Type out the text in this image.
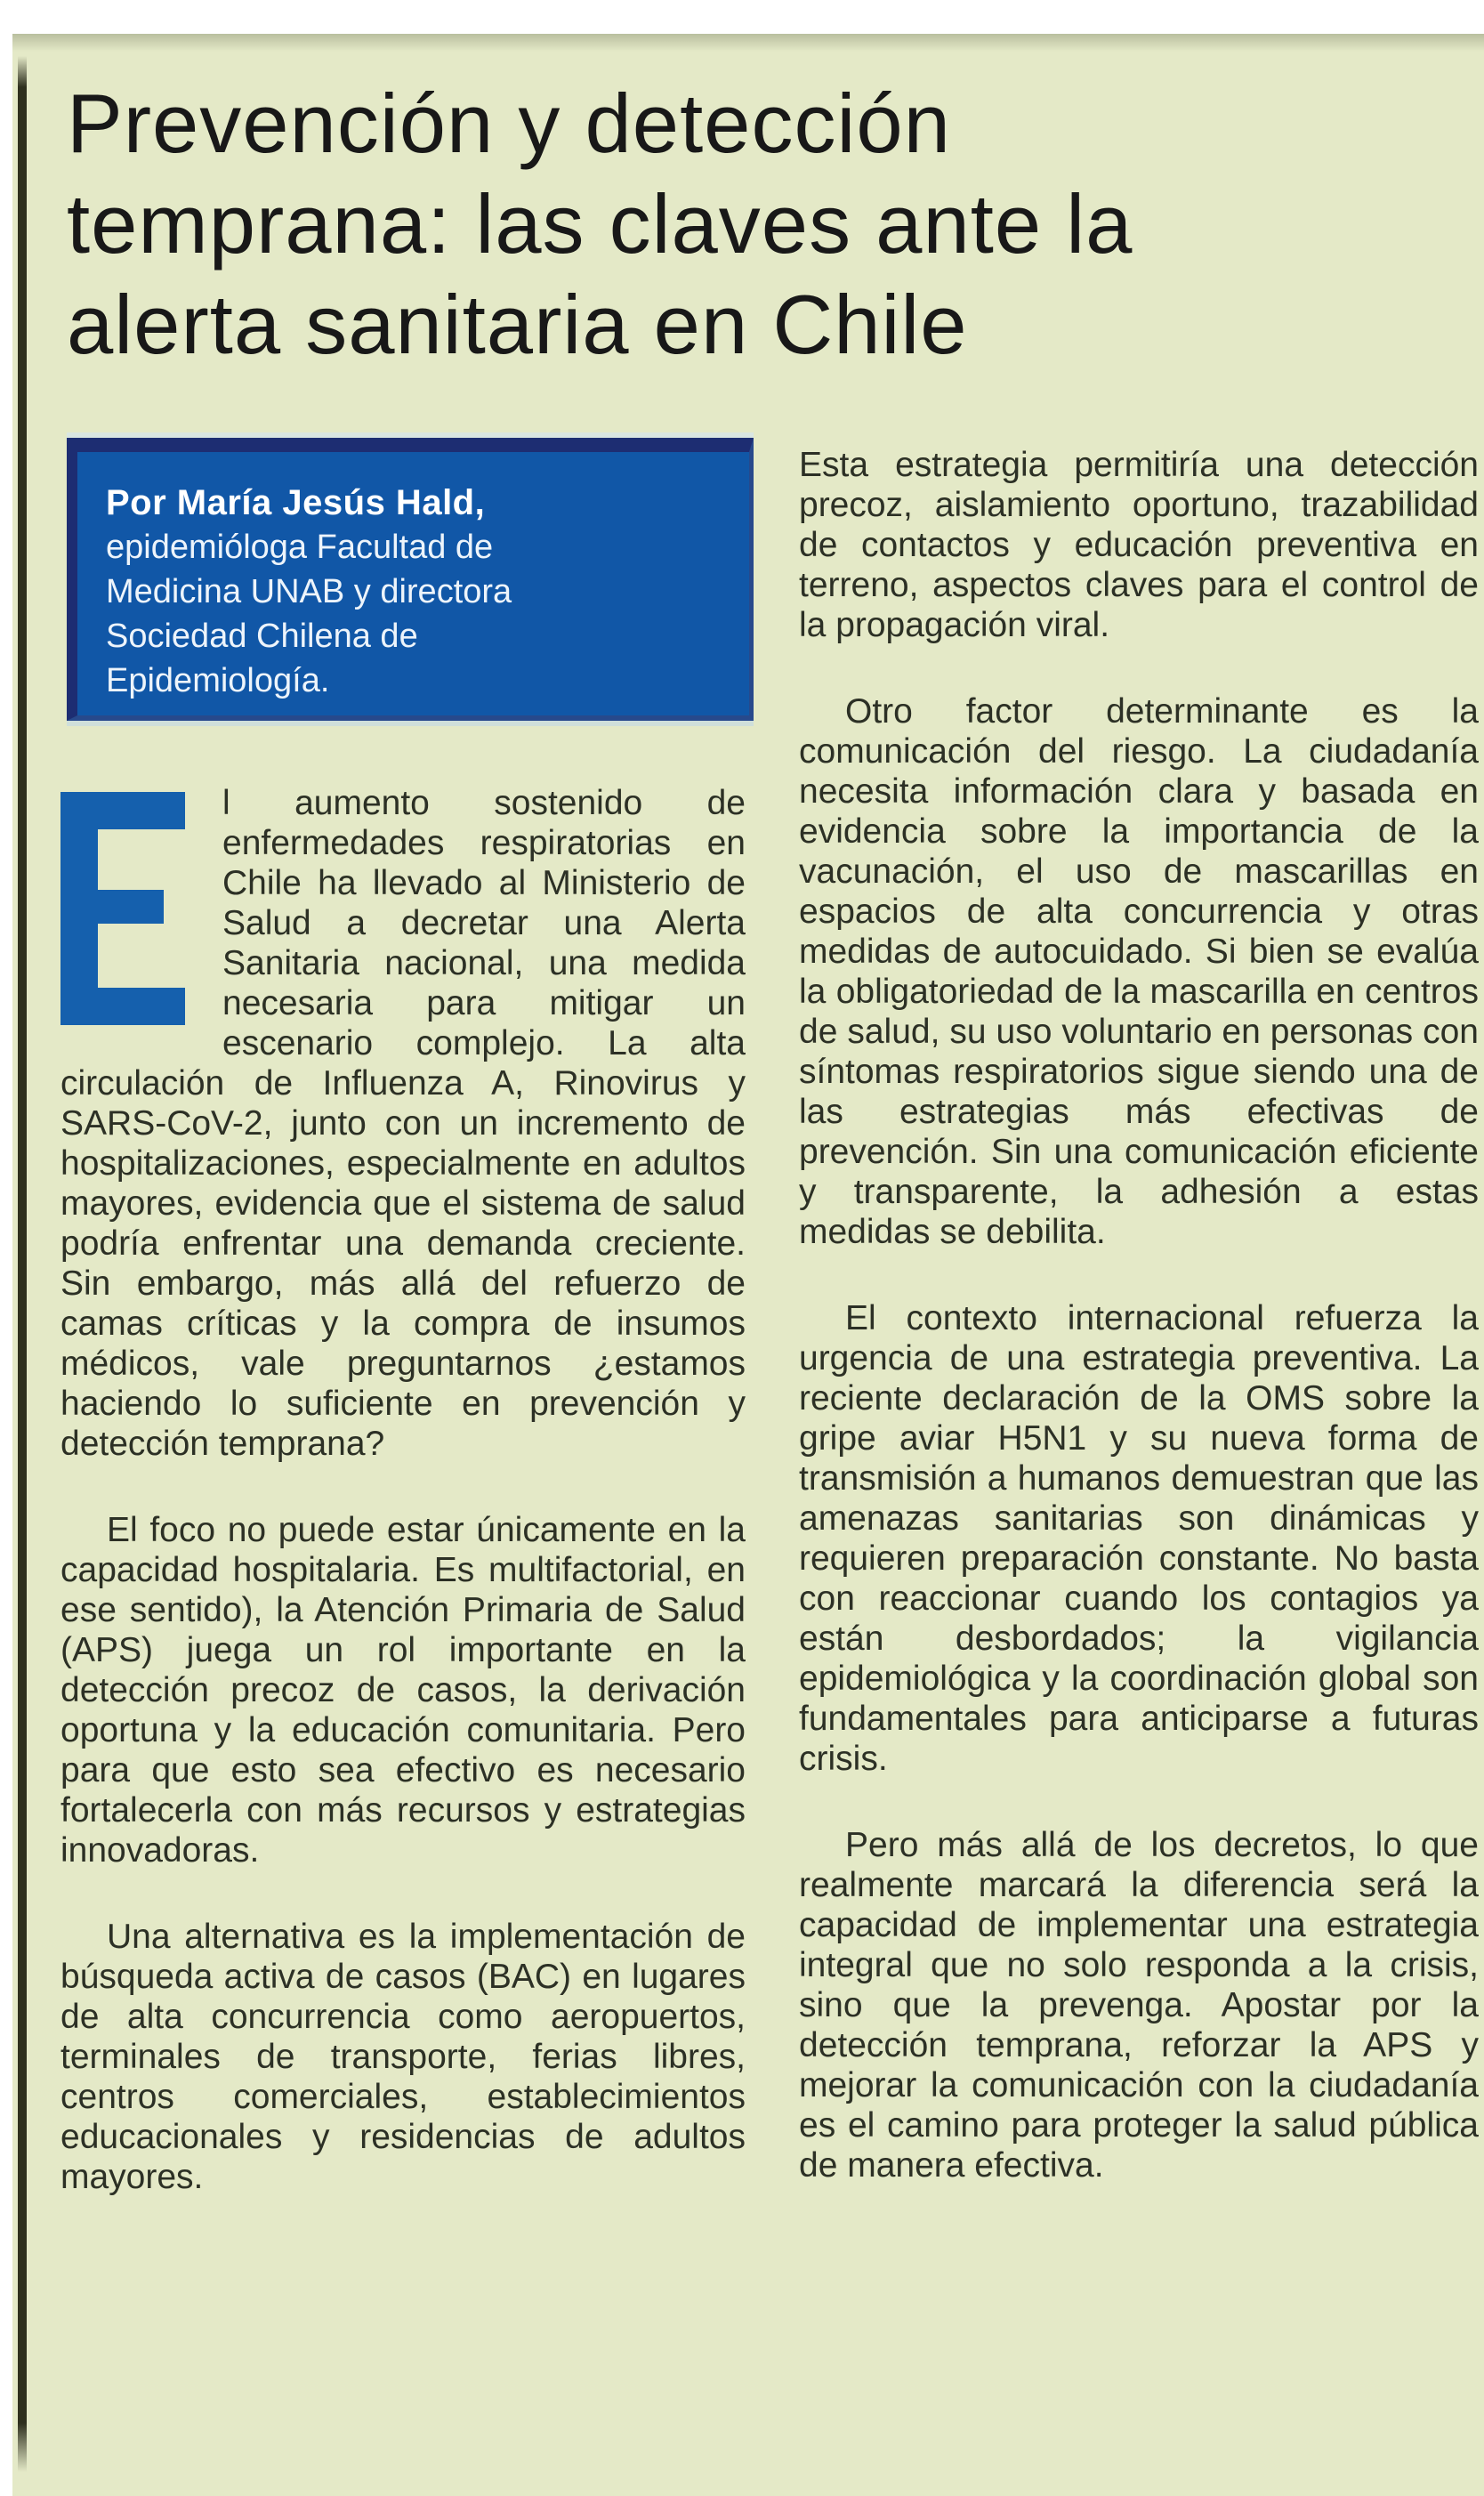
Prevención y detección
temprana: las claves ante la
alerta sanitaria en Chile

Por María Jesús Hald,

epidemióloga Facultad de Medicina UNAB y directora Sociedad Chilena de Epidemiología.

l aumento sostenido de enfermedades respiratorias en Chile ha llevado al Ministerio de Salud a decretar una Alerta Sanitaria nacional, una medida necesaria para mitigar un escenario complejo. La alta circulación de Influenza A, Rinovirus y SARS-CoV-2, junto con un incremento de hospitalizaciones, especialmente en adultos mayores, evidencia que el sistema de salud podría enfrentar una demanda creciente. Sin embargo, más allá del refuerzo de camas críticas y la compra de insumos médicos, vale preguntarnos ¿estamos haciendo lo suficiente en prevención y detección temprana?

El foco no puede estar únicamente en la capacidad hospitalaria. Es multifactorial, en ese sentido), la Atención Primaria de Salud (APS) juega un rol importante en la detección precoz de casos, la derivación oportuna y la educación comunitaria. Pero para que esto sea efectivo es necesario fortalecerla con más recursos y estrategias innovadoras.

Una alternativa es la implementación de búsqueda activa de casos (BAC) en lugares de alta concurrencia como aeropuertos, terminales de transporte, ferias libres, centros comerciales, establecimientos educacionales y residencias de adultos mayores.

Esta estrategia permitiría una detección precoz, aislamiento oportuno, trazabilidad de contactos y educación preventiva en terreno, aspectos claves para el control de la propagación viral.

Otro factor determinante es la comunicación del riesgo. La ciudadanía necesita información clara y basada en evidencia sobre la importancia de la vacunación, el uso de mascarillas en espacios de alta concurrencia y otras medidas de autocuidado. Si bien se evalúa la obligatoriedad de la mascarilla en centros de salud, su uso voluntario en personas con síntomas respiratorios sigue siendo una de las estrategias más efectivas de prevención. Sin una comunicación eficiente y transparente, la adhesión a estas medidas se debilita.

El contexto internacional refuerza la urgencia de una estrategia preventiva. La reciente declaración de la OMS sobre la gripe aviar H5N1 y su nueva forma de transmisión a humanos demuestran que las amenazas sanitarias son dinámicas y requieren preparación constante. No basta con reaccionar cuando los contagios ya están desbordados; la vigilancia epidemiológica y la coordinación global son fundamentales para anticiparse a futuras crisis.

Pero más allá de los decretos, lo que realmente marcará la diferencia será la capacidad de implementar una estrategia integral que no solo responda a la crisis, sino que la prevenga. Apostar por la detección temprana, reforzar la APS y mejorar la comunicación con la ciudadanía es el camino para proteger la salud pública de manera efectiva.
